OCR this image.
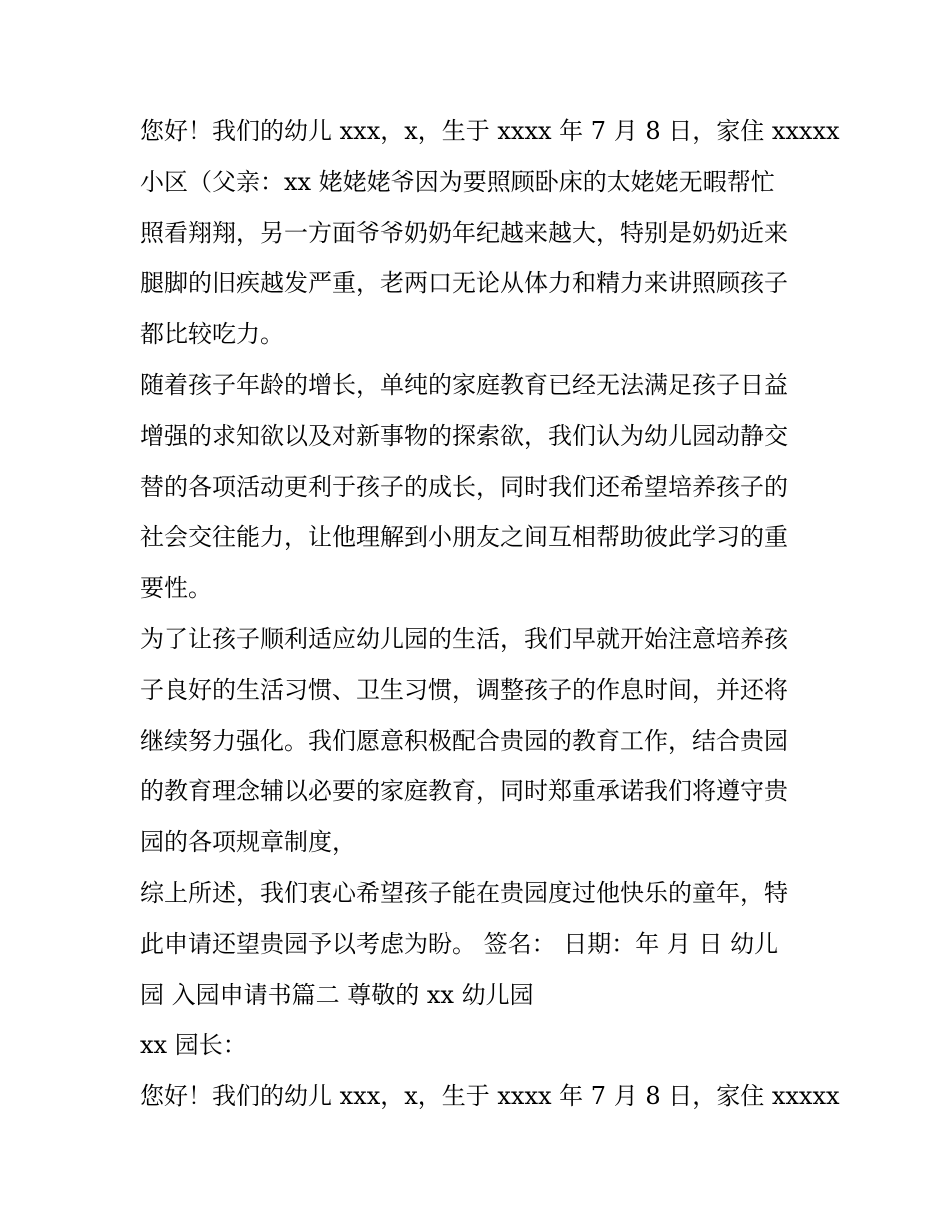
您好！我们的幼儿 xxx，x，生于 xxxx 年 7 月 8 日，家住 xxxxx
小区（父亲：xx 姥姥姥爷因为要照顾卧床的太姥姥无暇帮忙
照看翔翔，另一方面爷爷奶奶年纪越来越大，特别是奶奶近来
腿脚的旧疾越发严重，老两口无论从体力和精力来讲照顾孩子
都比较吃力。
随着孩子年龄的增长，单纯的家庭教育已经无法满足孩子日益
增强的求知欲以及对新事物的探索欲，我们认为幼儿园动静交
替的各项活动更利于孩子的成长，同时我们还希望培养孩子的
社会交往能力，让他理解到小朋友之间互相帮助彼此学习的重
要性。
为了让孩子顺利适应幼儿园的生活，我们早就开始注意培养孩
子良好的生活习惯、卫生习惯，调整孩子的作息时间，并还将
继续努力强化。我们愿意积极配合贵园的教育工作，结合贵园
的教育理念辅以必要的家庭教育，同时郑重承诺我们将遵守贵
园的各项规章制度，
综上所述，我们衷心希望孩子能在贵园度过他快乐的童年，特
此申请还望贵园予以考虑为盼。 签名： 日期：年 月 日 幼儿
园 入园申请书篇二 尊敬的 xx 幼儿园
xx 园长：
您好！我们的幼儿 xxx，x，生于 xxxx 年 7 月 8 日，家住 xxxxx
